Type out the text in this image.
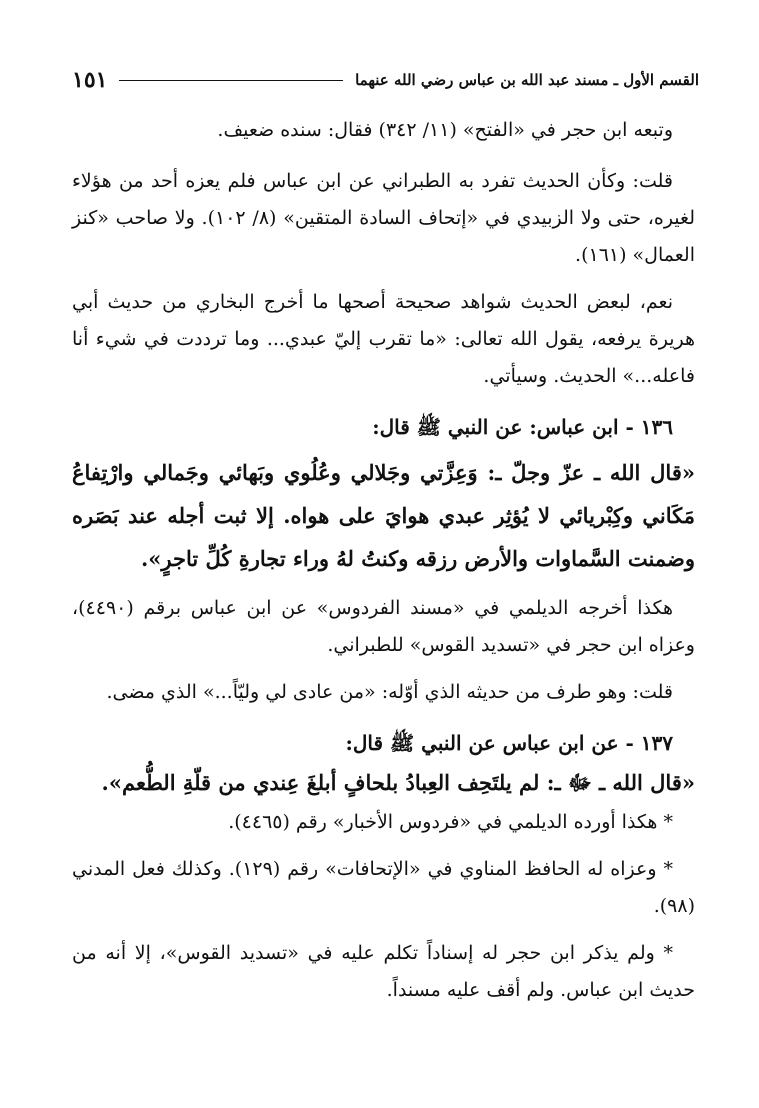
١٥١	القسم الأول ـ مسند عبد الله بن عباس رضي الله عنهما

وتبعه ابن حجر في «الفتح» (١١/ ٣٤٢) فقال: سنده ضعيف.

قلت: وكأن الحديث تفرد به الطبراني عن ابن عباس فلم يعزه أحد من هؤلاء لغيره، حتى ولا الزبيدي في «إتحاف السادة المتقين» (٨/ ١٠٢). ولا صاحب «كنز العمال» (١٦١).

نعم، لبعض الحديث شواهد صحيحة أصحها ما أخرج البخاري من حديث أبي هريرة يرفعه، يقول الله تعالى: «ما تقرب إليّ عبدي... وما ترددت في شيء أنا فاعله...» الحديث. وسيأتي.

١٣٦ - ابن عباس: عن النبي ﷺ قال:

«قال الله ـ عزّ وجلّ ـ: وَعِزَّتي وجَلالي وعُلُوي وبَهائي وجَمالي وارْتِفاعُ مَكَاني وكِبْريائي لا يُؤثِر عبدي هوايَ على هواه. إلا ثبت أجله عند بَصَره وضمنت السَّماوات والأرض رزقه وكنتُ لهُ وراء تجارةِ كُلِّ تاجرٍ».

هكذا أخرجه الديلمي في «مسند الفردوس» عن ابن عباس برقم (٤٤٩٠)، وعزاه ابن حجر في «تسديد القوس» للطبراني.

قلت: وهو طرف من حديثه الذي أوّله: «من عادى لي وليّاً...» الذي مضى.

١٣٧ - عن ابن عباس عن النبي ﷺ قال:

«قال الله ـ ﷻ ـ: لم يلتَحِف العِبادُ بلحافٍ أبلغَ عِندي من قلّةِ الطُّعم».

* هكذا أورده الديلمي في «فردوس الأخبار» رقم (٤٤٦٥).

* وعزاه له الحافظ المناوي في «الإتحافات» رقم (١٢٩). وكذلك فعل المدني (٩٨).

* ولم يذكر ابن حجر له إسناداً تكلم عليه في «تسديد القوس»، إلا أنه من حديث ابن عباس. ولم أقف عليه مسنداً.
